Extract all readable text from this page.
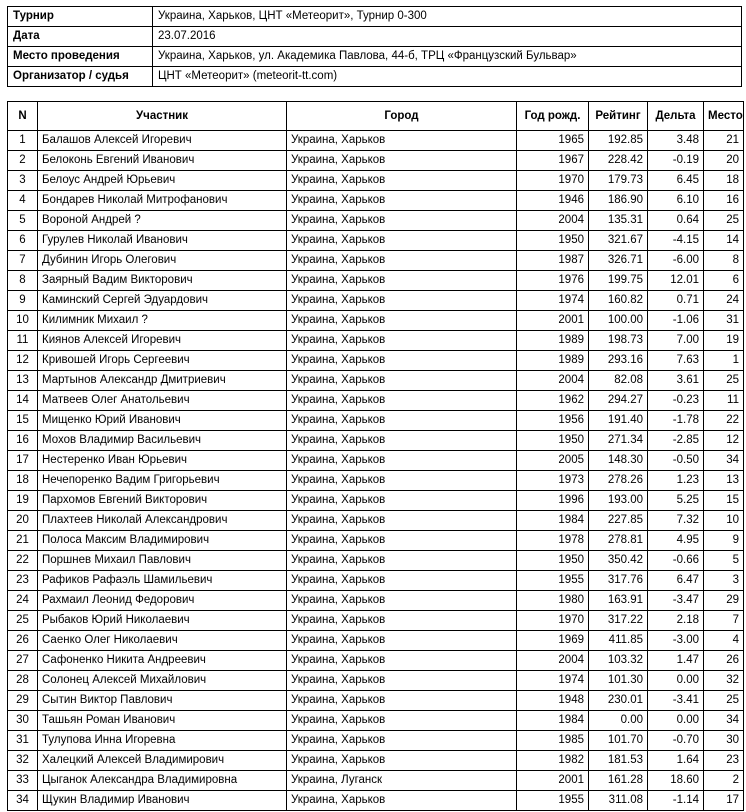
Турнир	Украина, Харьков, ЦНТ «Метеорит», Турнир 0-300
Дата	23.07.2016
Место проведения	Украина, Харьков, ул. Академика Павлова, 44-б, ТРЦ «Французский Бульвар»
Организатор / судья	ЦНТ «Метеорит» (meteorit-tt.com)
N	Участник	Город	Год рожд.	Рейтинг	Дельта	Место
1	Балашов Алексей Игоревич	Украина, Харьков	1965	192.85	3.48	21
2	Белоконь Евгений Иванович	Украина, Харьков	1967	228.42	-0.19	20
3	Белоус Андрей Юрьевич	Украина, Харьков	1970	179.73	6.45	18
4	Бондарев Николай Митрофанович	Украина, Харьков	1946	186.90	6.10	16
5	Вороной Андрей ?	Украина, Харьков	2004	135.31	0.64	25
6	Гурулев Николай Иванович	Украина, Харьков	1950	321.67	-4.15	14
7	Дубинин Игорь Олегович	Украина, Харьков	1987	326.71	-6.00	8
8	Заярный Вадим Викторович	Украина, Харьков	1976	199.75	12.01	6
9	Каминский Сергей Эдуардович	Украина, Харьков	1974	160.82	0.71	24
10	Килимник Михаил ?	Украина, Харьков	2001	100.00	-1.06	31
11	Киянов Алексей Игоревич	Украина, Харьков	1989	198.73	7.00	19
12	Кривошей Игорь Сергеевич	Украина, Харьков	1989	293.16	7.63	1
13	Мартынов Александр Дмитриевич	Украина, Харьков	2004	82.08	3.61	25
14	Матвеев Олег Анатольевич	Украина, Харьков	1962	294.27	-0.23	11
15	Мищенко Юрий Иванович	Украина, Харьков	1956	191.40	-1.78	22
16	Мохов Владимир Васильевич	Украина, Харьков	1950	271.34	-2.85	12
17	Нестеренко Иван Юрьевич	Украина, Харьков	2005	148.30	-0.50	34
18	Нечепоренко Вадим Григорьевич	Украина, Харьков	1973	278.26	1.23	13
19	Пархомов Евгений Викторович	Украина, Харьков	1996	193.00	5.25	15
20	Плахтеев Николай Александрович	Украина, Харьков	1984	227.85	7.32	10
21	Полоса Максим Владимирович	Украина, Харьков	1978	278.81	4.95	9
22	Поршнев Михаил Павлович	Украина, Харьков	1950	350.42	-0.66	5
23	Рафиков Рафаэль Шамильевич	Украина, Харьков	1955	317.76	6.47	3
24	Рахмаил Леонид Федорович	Украина, Харьков	1980	163.91	-3.47	29
25	Рыбаков Юрий Николаевич	Украина, Харьков	1970	317.22	2.18	7
26	Саенко Олег Николаевич	Украина, Харьков	1969	411.85	-3.00	4
27	Сафоненко Никита Андреевич	Украина, Харьков	2004	103.32	1.47	26
28	Солонец Алексей Михайлович	Украина, Харьков	1974	101.30	0.00	32
29	Сытин Виктор Павлович	Украина, Харьков	1948	230.01	-3.41	25
30	Ташьян Роман Иванович	Украина, Харьков	1984	0.00	0.00	34
31	Тулупова Инна Игоревна	Украина, Харьков	1985	101.70	-0.70	30
32	Халецкий Алексей Владимирович	Украина, Харьков	1982	181.53	1.64	23
33	Цыганок Александра Владимировна	Украина, Луганск	2001	161.28	18.60	2
34	Щукин Владимир Иванович	Украина, Харьков	1955	311.08	-1.14	17
